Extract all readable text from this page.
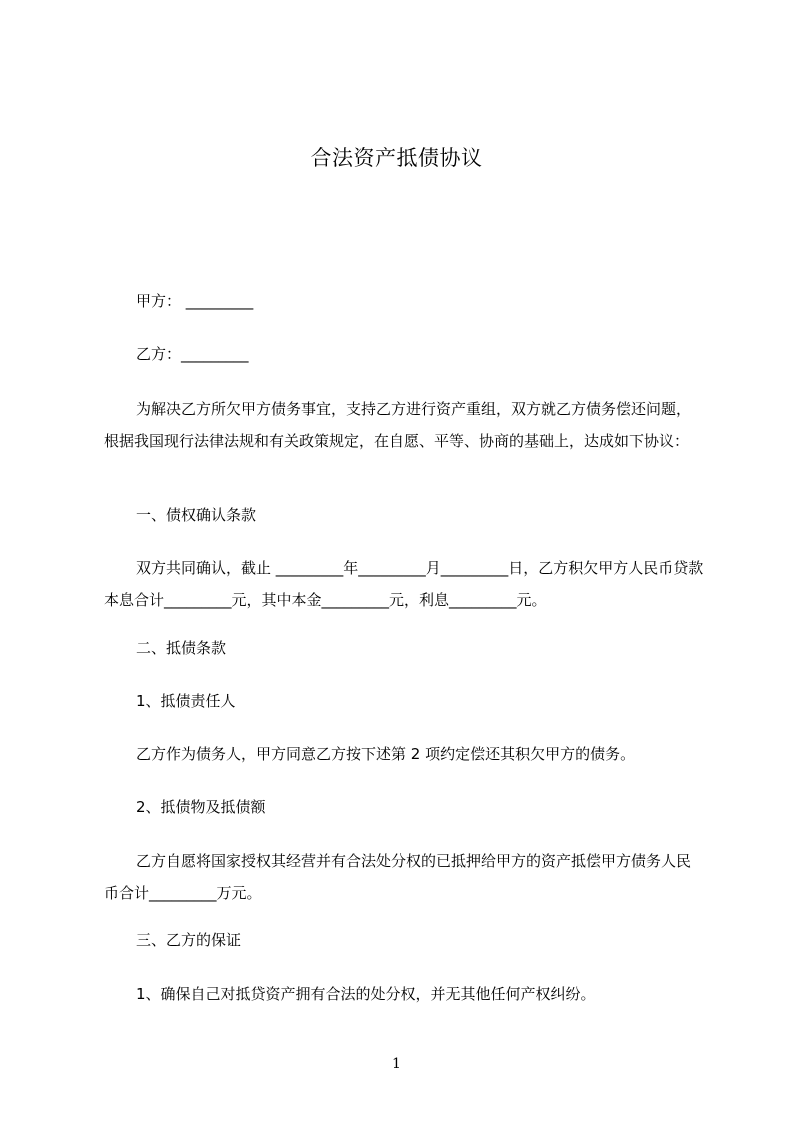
合法资产抵债协议
甲方： _________
乙方：_________
为解决乙方所欠甲方债务事宜，支持乙方进行资产重组，双方就乙方债务偿还问题，根据我国现行法律法规和有关政策规定，在自愿、平等、协商的基础上，达成如下协议：
一、债权确认条款
双方共同确认，截止 _________年_________月_________日，乙方积欠甲方人民币贷款本息合计_________元，其中本金_________元，利息_________元。
二、抵债条款
1、抵债责任人
乙方作为债务人，甲方同意乙方按下述第 2 项约定偿还其积欠甲方的债务。
2、抵债物及抵债额
乙方自愿将国家授权其经营并有合法处分权的已抵押给甲方的资产抵偿甲方债务人民币合计_________万元。
三、乙方的保证
1、确保自己对抵贷资产拥有合法的处分权，并无其他任何产权纠纷。
1
